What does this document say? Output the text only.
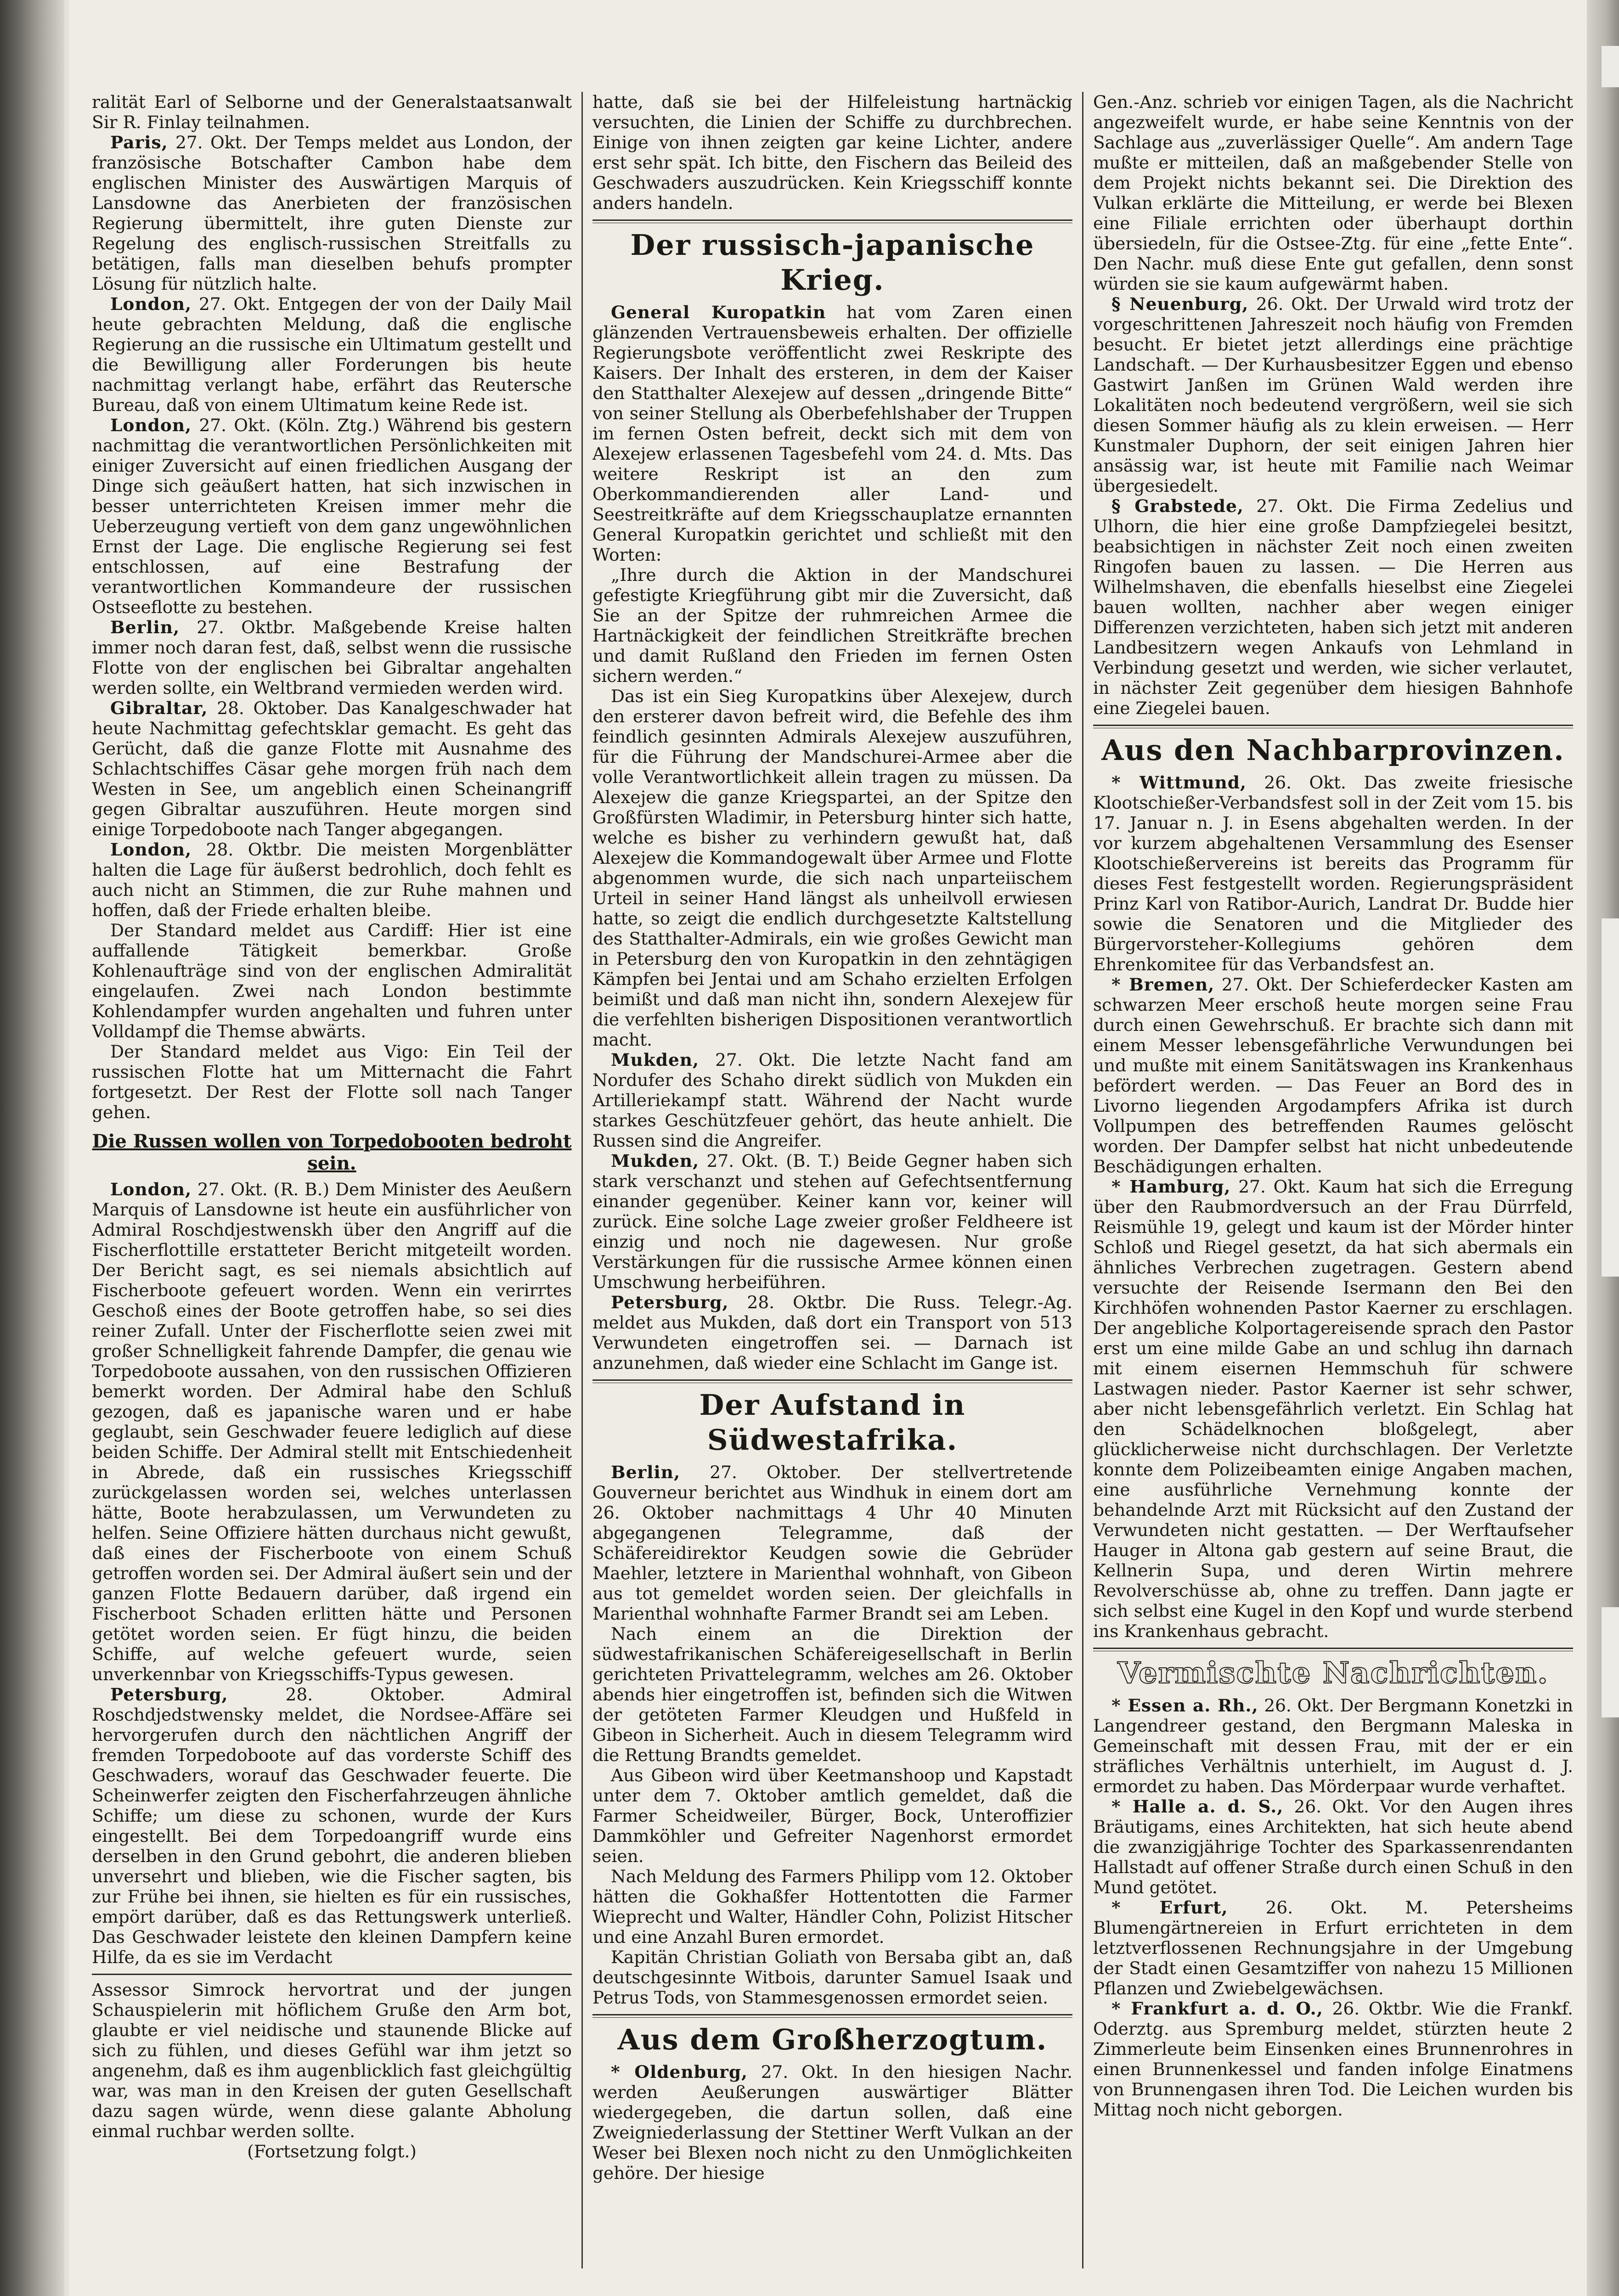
ralität Earl of Selborne und der Generalstaatsanwalt Sir R. Finlay teilnahmen.

Paris, 27. Okt. Der Temps meldet aus London, der französische Botschafter Cambon habe dem englischen Minister des Auswärtigen Marquis of Lansdowne das Anerbieten der französischen Regierung übermittelt, ihre guten Dienste zur Regelung des englisch-russischen Streitfalls zu betätigen, falls man dieselben behufs prompter Lösung für nützlich halte.

London, 27. Okt. Entgegen der von der Daily Mail heute gebrachten Meldung, daß die englische Regierung an die russische ein Ultimatum gestellt und die Bewilligung aller Forderungen bis heute nachmittag verlangt habe, erfährt das Reutersche Bureau, daß von einem Ultimatum keine Rede ist.

London, 27. Okt. (Köln. Ztg.) Während bis gestern nachmittag die verantwortlichen Persönlichkeiten mit einiger Zuversicht auf einen friedlichen Ausgang der Dinge sich geäußert hatten, hat sich inzwischen in besser unterrichteten Kreisen immer mehr die Ueberzeugung vertieft von dem ganz ungewöhnlichen Ernst der Lage. Die englische Regierung sei fest entschlossen, auf eine Bestrafung der verantwortlichen Kommandeure der russischen Ostseeflotte zu bestehen.

Berlin, 27. Oktbr. Maßgebende Kreise halten immer noch daran fest, daß, selbst wenn die russische Flotte von der englischen bei Gibraltar angehalten werden sollte, ein Weltbrand vermieden werden wird.

Gibraltar, 28. Oktober. Das Kanalgeschwader hat heute Nachmittag gefechtsklar gemacht. Es geht das Gerücht, daß die ganze Flotte mit Ausnahme des Schlachtschiffes Cäsar gehe morgen früh nach dem Westen in See, um angeblich einen Scheinangriff gegen Gibraltar auszuführen. Heute morgen sind einige Torpedoboote nach Tanger abgegangen.

London, 28. Oktbr. Die meisten Morgenblätter halten die Lage für äußerst bedrohlich, doch fehlt es auch nicht an Stimmen, die zur Ruhe mahnen und hoffen, daß der Friede erhalten bleibe.

Der Standard meldet aus Cardiff: Hier ist eine auffallende Tätigkeit bemerkbar. Große Kohlenaufträge sind von der englischen Admiralität eingelaufen. Zwei nach London bestimmte Kohlendampfer wurden angehalten und fuhren unter Volldampf die Themse abwärts.

Der Standard meldet aus Vigo: Ein Teil der russischen Flotte hat um Mitternacht die Fahrt fortgesetzt. Der Rest der Flotte soll nach Tanger gehen.

Die Russen wollen von Torpedobooten bedroht sein.

London, 27. Okt. (R. B.) Dem Minister des Aeußern Marquis of Lansdowne ist heute ein ausführlicher von Admiral Roschdjestwenskh über den Angriff auf die Fischerflottille erstatteter Bericht mitgeteilt worden. Der Bericht sagt, es sei niemals absichtlich auf Fischerboote gefeuert worden. Wenn ein verirrtes Geschoß eines der Boote getroffen habe, so sei dies reiner Zufall. Unter der Fischerflotte seien zwei mit großer Schnelligkeit fahrende Dampfer, die genau wie Torpedoboote aussahen, von den russischen Offizieren bemerkt worden. Der Admiral habe den Schluß gezogen, daß es japanische waren und er habe geglaubt, sein Geschwader feuere lediglich auf diese beiden Schiffe. Der Admiral stellt mit Entschiedenheit in Abrede, daß ein russisches Kriegsschiff zurückgelassen worden sei, welches unterlassen hätte, Boote herabzulassen, um Verwundeten zu helfen. Seine Offiziere hätten durchaus nicht gewußt, daß eines der Fischerboote von einem Schuß getroffen worden sei. Der Admiral äußert sein und der ganzen Flotte Bedauern darüber, daß irgend ein Fischerboot Schaden erlitten hätte und Personen getötet worden seien. Er fügt hinzu, die beiden Schiffe, auf welche gefeuert wurde, seien unverkennbar von Kriegsschiffs-Typus gewesen.

Petersburg, 28. Oktober. Admiral Roschdjedstwensky meldet, die Nordsee-Affäre sei hervorgerufen durch den nächtlichen Angriff der fremden Torpedoboote auf das vorderste Schiff des Geschwaders, worauf das Geschwader feuerte. Die Scheinwerfer zeigten den Fischerfahrzeugen ähnliche Schiffe; um diese zu schonen, wurde der Kurs eingestellt. Bei dem Torpedoangriff wurde eins derselben in den Grund gebohrt, die anderen blieben unversehrt und blieben, wie die Fischer sagten, bis zur Frühe bei ihnen, sie hielten es für ein russisches, empört darüber, daß es das Rettungswerk unterließ. Das Geschwader leistete den kleinen Dampfern keine Hilfe, da es sie im Verdacht

Assessor Simrock hervortrat und der jungen Schauspielerin mit höflichem Gruße den Arm bot, glaubte er viel neidische und staunende Blicke auf sich zu fühlen, und dieses Gefühl war ihm jetzt so angenehm, daß es ihm augenblicklich fast gleichgültig war, was man in den Kreisen der guten Gesellschaft dazu sagen würde, wenn diese galante Abholung einmal ruchbar werden sollte.

(Fortsetzung folgt.)

hatte, daß sie bei der Hilfeleistung hartnäckig versuchten, die Linien der Schiffe zu durchbrechen. Einige von ihnen zeigten gar keine Lichter, andere erst sehr spät. Ich bitte, den Fischern das Beileid des Geschwaders auszudrücken. Kein Kriegsschiff konnte anders handeln.

Der russisch-japanische Krieg.

General Kuropatkin hat vom Zaren einen glänzenden Vertrauensbeweis erhalten. Der offizielle Regierungsbote veröffentlicht zwei Reskripte des Kaisers. Der Inhalt des ersteren, in dem der Kaiser den Statthalter Alexejew auf dessen „dringende Bitte“ von seiner Stellung als Oberbefehlshaber der Truppen im fernen Osten befreit, deckt sich mit dem von Alexejew erlassenen Tagesbefehl vom 24. d. Mts. Das weitere Reskript ist an den zum Oberkommandierenden aller Land- und Seestreitkräfte auf dem Kriegsschauplatze ernannten General Kuropatkin gerichtet und schließt mit den Worten:

„Ihre durch die Aktion in der Mandschurei gefestigte Kriegführung gibt mir die Zuversicht, daß Sie an der Spitze der ruhmreichen Armee die Hartnäckigkeit der feindlichen Streitkräfte brechen und damit Rußland den Frieden im fernen Osten sichern werden.“

Das ist ein Sieg Kuropatkins über Alexejew, durch den ersterer davon befreit wird, die Befehle des ihm feindlich gesinnten Admirals Alexejew auszuführen, für die Führung der Mandschurei-Armee aber die volle Verantwortlichkeit allein tragen zu müssen. Da Alexejew die ganze Kriegspartei, an der Spitze den Großfürsten Wladimir, in Petersburg hinter sich hatte, welche es bisher zu verhindern gewußt hat, daß Alexejew die Kommandogewalt über Armee und Flotte abgenommen wurde, die sich nach unparteiischem Urteil in seiner Hand längst als unheilvoll erwiesen hatte, so zeigt die endlich durchgesetzte Kaltstellung des Statthalter-Admirals, ein wie großes Gewicht man in Petersburg den von Kuropatkin in den zehntägigen Kämpfen bei Jentai und am Schaho erzielten Erfolgen beimißt und daß man nicht ihn, sondern Alexejew für die verfehlten bisherigen Dispositionen verantwortlich macht.

Mukden, 27. Okt. Die letzte Nacht fand am Nordufer des Schaho direkt südlich von Mukden ein Artilleriekampf statt. Während der Nacht wurde starkes Geschützfeuer gehört, das heute anhielt. Die Russen sind die Angreifer.

Mukden, 27. Okt. (B. T.) Beide Gegner haben sich stark verschanzt und stehen auf Gefechtsentfernung einander gegenüber. Keiner kann vor, keiner will zurück. Eine solche Lage zweier großer Feldheere ist einzig und noch nie dagewesen. Nur große Verstärkungen für die russische Armee können einen Umschwung herbeiführen.

Petersburg, 28. Oktbr. Die Russ. Telegr.-Ag. meldet aus Mukden, daß dort ein Transport von 513 Verwundeten eingetroffen sei. — Darnach ist anzunehmen, daß wieder eine Schlacht im Gange ist.

Der Aufstand in Südwestafrika.

Berlin, 27. Oktober. Der stellvertretende Gouverneur berichtet aus Windhuk in einem dort am 26. Oktober nachmittags 4 Uhr 40 Minuten abgegangenen Telegramme, daß der Schäfereidirektor Keudgen sowie die Gebrüder Maehler, letztere in Marienthal wohnhaft, von Gibeon aus tot gemeldet worden seien. Der gleichfalls in Marienthal wohnhafte Farmer Brandt sei am Leben.

Nach einem an die Direktion der südwestafrikanischen Schäfereigesellschaft in Berlin gerichteten Privattelegramm, welches am 26. Oktober abends hier eingetroffen ist, befinden sich die Witwen der getöteten Farmer Kleudgen und Hußfeld in Gibeon in Sicherheit. Auch in diesem Telegramm wird die Rettung Brandts gemeldet.

Aus Gibeon wird über Keetmanshoop und Kapstadt unter dem 7. Oktober amtlich gemeldet, daß die Farmer Scheidweiler, Bürger, Bock, Unteroffizier Dammköhler und Gefreiter Nagenhorst ermordet seien.

Nach Meldung des Farmers Philipp vom 12. Oktober hätten die Gokhaßfer Hottentotten die Farmer Wieprecht und Walter, Händler Cohn, Polizist Hitscher und eine Anzahl Buren ermordet.

Kapitän Christian Goliath von Bersaba gibt an, daß deutschgesinnte Witbois, darunter Samuel Isaak und Petrus Tods, von Stammesgenossen ermordet seien.

Aus dem Großherzogtum.

* Oldenburg, 27. Okt. In den hiesigen Nachr. werden Aeußerungen auswärtiger Blätter wiedergegeben, die dartun sollen, daß eine Zweigniederlassung der Stettiner Werft Vulkan an der Weser bei Blexen noch nicht zu den Unmöglichkeiten gehöre. Der hiesige

Gen.-Anz. schrieb vor einigen Tagen, als die Nachricht angezweifelt wurde, er habe seine Kenntnis von der Sachlage aus „zuverlässiger Quelle“. Am andern Tage mußte er mitteilen, daß an maßgebender Stelle von dem Projekt nichts bekannt sei. Die Direktion des Vulkan erklärte die Mitteilung, er werde bei Blexen eine Filiale errichten oder überhaupt dorthin übersiedeln, für die Ostsee-Ztg. für eine „fette Ente“. Den Nachr. muß diese Ente gut gefallen, denn sonst würden sie sie kaum aufgewärmt haben.

§ Neuenburg, 26. Okt. Der Urwald wird trotz der vorgeschrittenen Jahreszeit noch häufig von Fremden besucht. Er bietet jetzt allerdings eine prächtige Landschaft. — Der Kurhausbesitzer Eggen und ebenso Gastwirt Janßen im Grünen Wald werden ihre Lokalitäten noch bedeutend vergrößern, weil sie sich diesen Sommer häufig als zu klein erweisen. — Herr Kunstmaler Duphorn, der seit einigen Jahren hier ansässig war, ist heute mit Familie nach Weimar übergesiedelt.

§ Grabstede, 27. Okt. Die Firma Zedelius und Ulhorn, die hier eine große Dampfziegelei besitzt, beabsichtigen in nächster Zeit noch einen zweiten Ringofen bauen zu lassen. — Die Herren aus Wilhelmshaven, die ebenfalls hieselbst eine Ziegelei bauen wollten, nachher aber wegen einiger Differenzen verzichteten, haben sich jetzt mit anderen Landbesitzern wegen Ankaufs von Lehmland in Verbindung gesetzt und werden, wie sicher verlautet, in nächster Zeit gegenüber dem hiesigen Bahnhofe eine Ziegelei bauen.

Aus den Nachbarprovinzen.

* Wittmund, 26. Okt. Das zweite friesische Klootschießer-Verbandsfest soll in der Zeit vom 15. bis 17. Januar n. J. in Esens abgehalten werden. In der vor kurzem abgehaltenen Versammlung des Esenser Klootschießervereins ist bereits das Programm für dieses Fest festgestellt worden. Regierungspräsident Prinz Karl von Ratibor-Aurich, Landrat Dr. Budde hier sowie die Senatoren und die Mitglieder des Bürgervorsteher-Kollegiums gehören dem Ehrenkomitee für das Verbandsfest an.

* Bremen, 27. Okt. Der Schieferdecker Kasten am schwarzen Meer erschoß heute morgen seine Frau durch einen Gewehrschuß. Er brachte sich dann mit einem Messer lebensgefährliche Verwundungen bei und mußte mit einem Sanitätswagen ins Krankenhaus befördert werden. — Das Feuer an Bord des in Livorno liegenden Argodampfers Afrika ist durch Vollpumpen des betreffenden Raumes gelöscht worden. Der Dampfer selbst hat nicht unbedeutende Beschädigungen erhalten.

* Hamburg, 27. Okt. Kaum hat sich die Erregung über den Raubmordversuch an der Frau Dürrfeld, Reismühle 19, gelegt und kaum ist der Mörder hinter Schloß und Riegel gesetzt, da hat sich abermals ein ähnliches Verbrechen zugetragen. Gestern abend versuchte der Reisende Isermann den Bei den Kirchhöfen wohnenden Pastor Kaerner zu erschlagen. Der angebliche Kolportagereisende sprach den Pastor erst um eine milde Gabe an und schlug ihn darnach mit einem eisernen Hemmschuh für schwere Lastwagen nieder. Pastor Kaerner ist sehr schwer, aber nicht lebensgefährlich verletzt. Ein Schlag hat den Schädelknochen bloßgelegt, aber glücklicherweise nicht durchschlagen. Der Verletzte konnte dem Polizeibeamten einige Angaben machen, eine ausführliche Vernehmung konnte der behandelnde Arzt mit Rücksicht auf den Zustand der Verwundeten nicht gestatten. — Der Werftaufseher Hauger in Altona gab gestern auf seine Braut, die Kellnerin Supa, und deren Wirtin mehrere Revolverschüsse ab, ohne zu treffen. Dann jagte er sich selbst eine Kugel in den Kopf und wurde sterbend ins Krankenhaus gebracht.

Vermischte Nachrichten.

* Essen a. Rh., 26. Okt. Der Bergmann Konetzki in Langendreer gestand, den Bergmann Maleska in Gemeinschaft mit dessen Frau, mit der er ein sträfliches Verhältnis unterhielt, im August d. J. ermordet zu haben. Das Mörderpaar wurde verhaftet.

* Halle a. d. S., 26. Okt. Vor den Augen ihres Bräutigams, eines Architekten, hat sich heute abend die zwanzigjährige Tochter des Sparkassenrendanten Hallstadt auf offener Straße durch einen Schuß in den Mund getötet.

* Erfurt, 26. Okt. M. Petersheims Blumengärtnereien in Erfurt errichteten in dem letztverflossenen Rechnungsjahre in der Umgebung der Stadt einen Gesamtziffer von nahezu 15 Millionen Pflanzen und Zwiebelgewächsen.

* Frankfurt a. d. O., 26. Oktbr. Wie die Frankf. Oderztg. aus Spremburg meldet, stürzten heute 2 Zimmerleute beim Einsenken eines Brunnenrohres in einen Brunnenkessel und fanden infolge Einatmens von Brunnengasen ihren Tod. Die Leichen wurden bis Mittag noch nicht geborgen.
